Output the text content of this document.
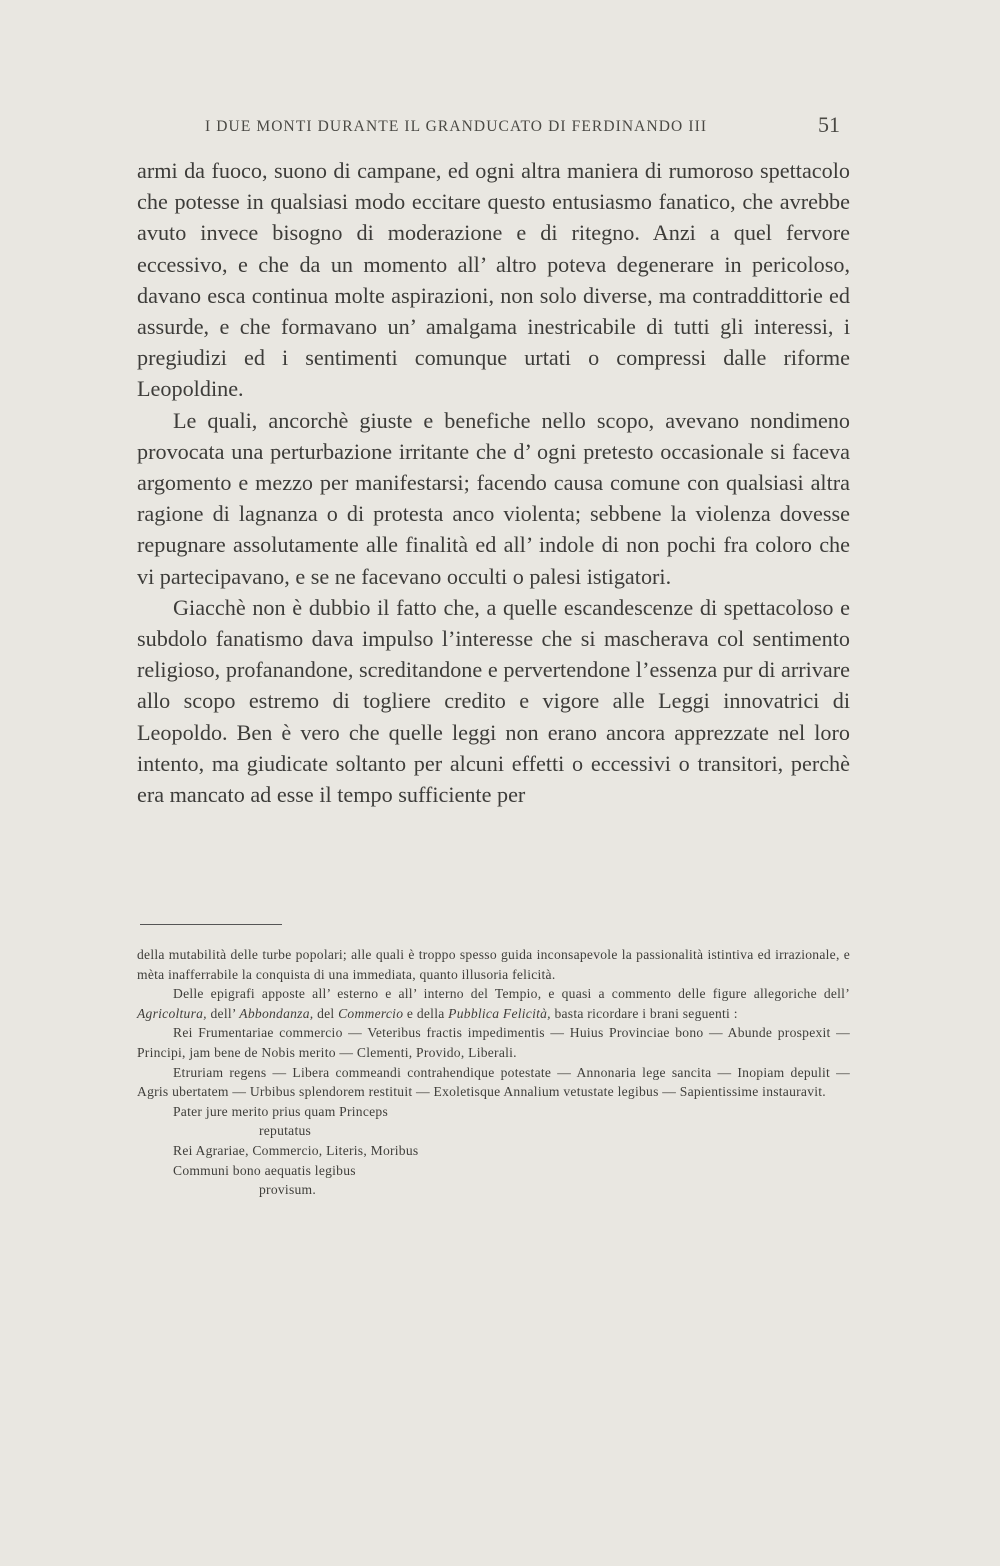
I DUE MONTI DURANTE IL GRANDUCATO DI FERDINANDO III	51

armi da fuoco, suono di campane, ed ogni altra maniera di rumoroso spettacolo che potesse in qualsiasi modo eccitare questo entusiasmo fanatico, che avrebbe avuto invece bisogno di moderazione e di ritegno. Anzi a quel fervore eccessivo, e che da un momento all’ altro poteva degenerare in pericoloso, davano esca continua molte aspirazioni, non solo diverse, ma contraddittorie ed assurde, e che formavano un’ amalgama inestricabile di tutti gli interessi, i pregiudizi ed i sentimenti comunque urtati o compressi dalle riforme Leopoldine.

Le quali, ancorchè giuste e benefiche nello scopo, avevano nondimeno provocata una perturbazione irritante che d’ ogni pretesto occasionale si faceva argomento e mezzo per manifestarsi; facendo causa comune con qualsiasi altra ragione di lagnanza o di protesta anco violenta; sebbene la violenza dovesse repugnare assolutamente alle finalità ed all’ indole di non pochi fra coloro che vi partecipavano, e se ne facevano occulti o palesi istigatori.

Giacchè non è dubbio il fatto che, a quelle escandescenze di spettacoloso e subdolo fanatismo dava impulso l’interesse che si mascherava col sentimento religioso, profanandone, screditandone e pervertendone l’essenza pur di arrivare allo scopo estremo di togliere credito e vigore alle Leggi innovatrici di Leopoldo. Ben è vero che quelle leggi non erano ancora apprezzate nel loro intento, ma giudicate soltanto per alcuni effetti o eccessivi o transitori, perchè era mancato ad esse il tempo sufficiente per

della mutabilità delle turbe popolari; alle quali è troppo spesso guida inconsapevole la passionalità istintiva ed irrazionale, e mèta inafferrabile la conquista di una immediata, quanto illusoria felicità.

Delle epigrafi apposte all’ esterno e all’ interno del Tempio, e quasi a commento delle figure allegoriche dell’ Agricoltura, dell’ Abbondanza, del Commercio e della Pubblica Felicità, basta ricordare i brani seguenti :

Rei Frumentariae commercio — Veteribus fractis impedimentis — Huius Provinciae bono — Abunde prospexit — Principi, jam bene de Nobis merito — Clementi, Provido, Liberali.

Etruriam regens — Libera commeandi contrahendique potestate — Annonaria lege sancita — Inopiam depulit — Agris ubertatem — Urbibus splendorem restituit — Exoletisque Annalium vetustate legibus — Sapientissime instauravit.

Pater jure merito prius quam Princeps

reputatus

Rei Agrariae, Commercio, Literis, Moribus

Communi bono aequatis legibus

provisum.
